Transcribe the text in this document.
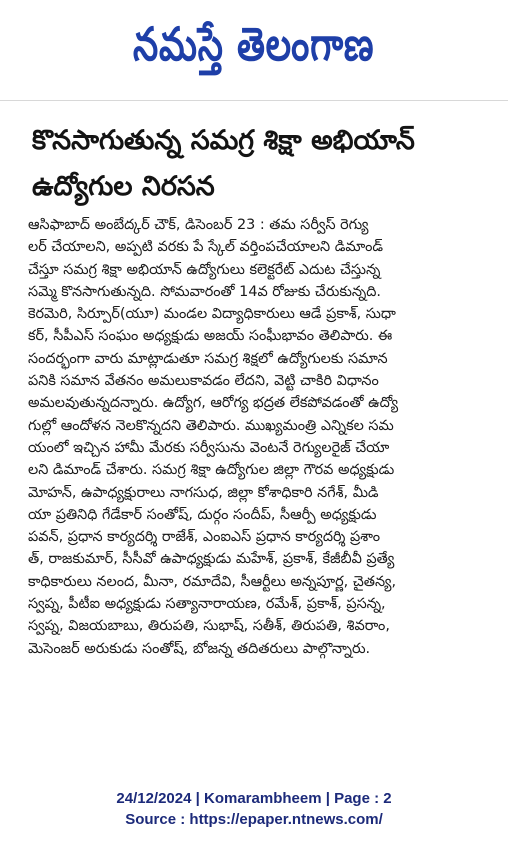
నమస్తే తెలంగాణ
కొనసాగుతున్న సమగ్ర శిక్షా అభియాన్
ఉద్యోగుల నిరసన

ఆసిఫాబాద్ అంబేద్కర్ చౌక్, డిసెంబర్ 23 : తమ సర్వీస్ రెగ్యు
లర్ చేయాలని, అప్పటి వరకు పే స్కేల్ వర్తింపచేయాలని డిమాండ్
చేస్తూ సమగ్ర శిక్షా అభియాన్ ఉద్యోగులు కలెక్టరేట్ ఎదుట చేస్తున్న
సమ్మె కొనసాగుతున్నది. సోమవారంతో 14వ రోజుకు చేరుకున్నది.
కెరమెరి, సిర్పూర్(యూ) మండల విద్యాధికారులు ఆడే ప్రకాశ్, సుధా
కర్, సీపీఎస్ సంఘం అధ్యక్షుడు అజయ్ సంఘీభావం తెలిపారు. ఈ
సందర్భంగా వారు మాట్లాడుతూ సమగ్ర శిక్షలో ఉద్యోగులకు సమాన
పనికి సమాన వేతనం అమలుకావడం లేదని, వెట్టి చాకిరి విధానం
అమలవుతున్నదన్నారు. ఉద్యోగ, ఆరోగ్య భద్రత లేకపోవడంతో ఉద్యో
గుల్లో ఆందోళన నెలకొన్నదని తెలిపారు. ముఖ్యమంత్రి ఎన్నికల సమ
యంలో ఇచ్చిన హామీ మేరకు సర్వీసును వెంటనే రెగ్యులరైజ్ చేయా
లని డిమాండ్ చేశారు. సమగ్ర శిక్షా ఉద్యోగుల జిల్లా గౌరవ అధ్యక్షుడు
మోహన్, ఉపాధ్యక్షురాలు నాగసుధ, జిల్లా కోశాధికారి నగేశ్, మీడి
యా ప్రతినిధి గేడేకార్ సంతోష్, దుర్గం సందీప్, సీఆర్పీ అధ్యక్షుడు
పవన్, ప్రధాన కార్యదర్శి రాజేశ్, ఎంఐఎస్ ప్రధాన కార్యదర్శి ప్రశాం
త్, రాజకుమార్, సీసీవో ఉపాధ్యక్షుడు మహేశ్, ప్రకాశ్, కేజీబీవీ ప్రత్యే
కాధికారులు నలంద, మీనా, రమాదేవి, సీఆర్టీలు అన్నపూర్ణ, చైతన్య,
స్వప్న, పీటీఐ అధ్యక్షుడు సత్యానారాయణ, రమేశ్, ప్రకాశ్, ప్రసన్న,
స్వప్న, విజయబాబు, తిరుపతి, సుభాష్, సతీశ్, తిరుపతి, శివరాం,
మెసెంజర్ అరుకుడు సంతోష్, బోజన్న తదితరులు పాల్గొన్నారు.

24/12/2024 | Komarambheem | Page : 2
Source : https://epaper.ntnews.com/
